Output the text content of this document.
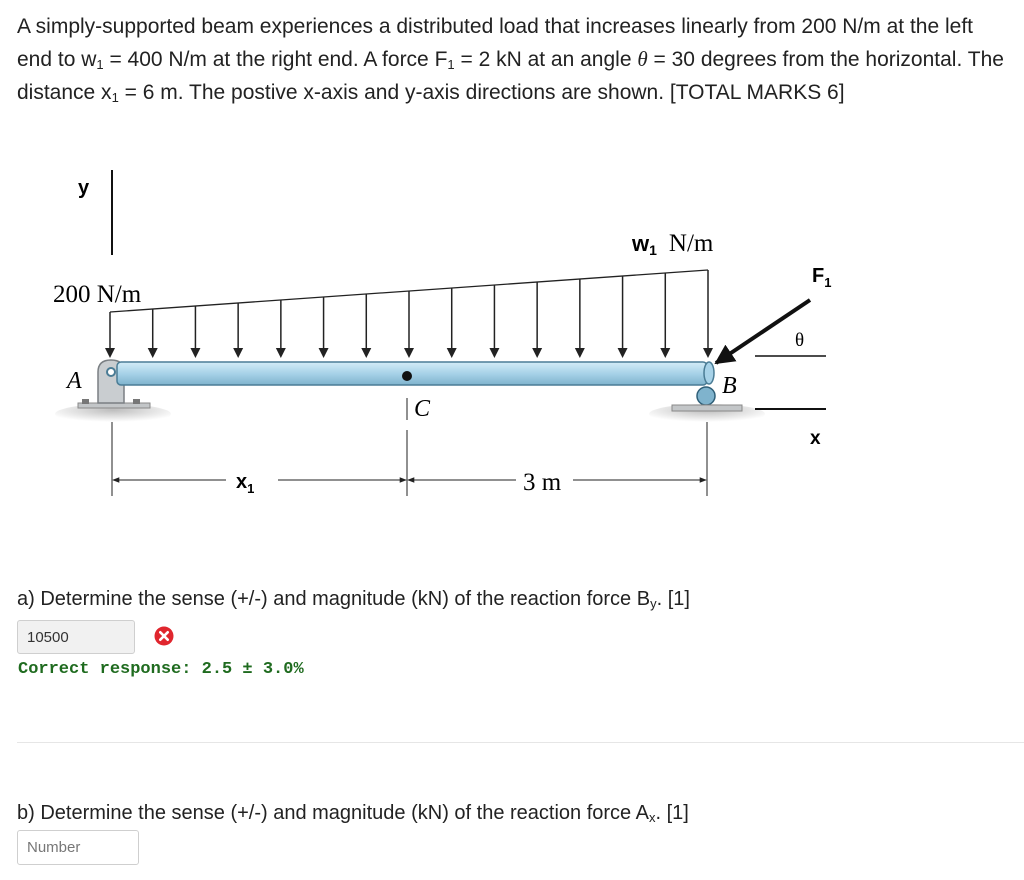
A simply-supported beam experiences a distributed load that increases linearly from 200 N/m at the left end to $w_1 = 400$ N/m at the right end. A force $F_1 = 2$ kN at an angle θ = 30 degrees from the horizontal. The distance $x_1 = 6$ m. The postive x-axis and y-axis directions are shown. [TOTAL MARKS 6]

y
200 N/m
w1 N/m
A	B
C
$F_1$
θ
x
$x_1$	3 m

a) Determine the sense (+/-) and magnitude (kN) of the reaction force $B_y$. [1]

10500

Correct response: 2.5 ± 3.0%

b) Determine the sense (+/-) and magnitude (kN) of the reaction force $A_x$. [1]

Number
